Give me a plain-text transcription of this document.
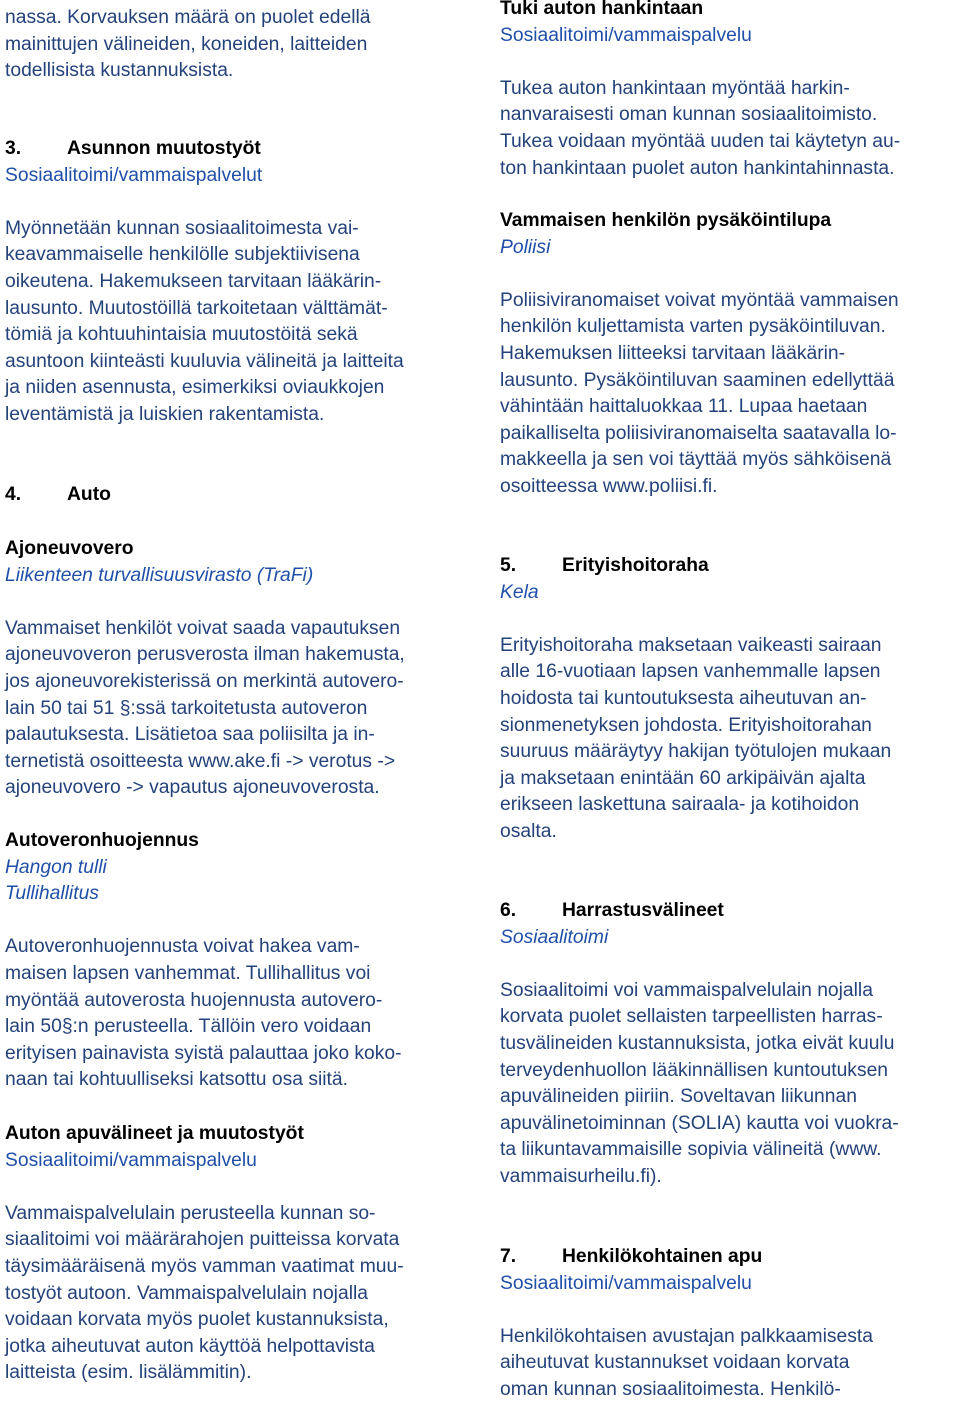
nassa. Korvauksen määrä on puolet edellä
mainittujen välineiden, koneiden, laitteiden
todellisista kustannuksista.
3. Asunnon muutostyöt
Sosiaalitoimi/vammaispalvelut
Myönnetään kunnan sosiaalitoimesta vai-
keavammaiselle henkilölle subjektiivisena
oikeutena. Hakemukseen tarvitaan lääkärin-
lausunto. Muutostöillä tarkoitetaan välttämät-
tömiä ja kohtuuhintaisia muutostöitä sekä
asuntoon kiinteästi kuuluvia välineitä ja laitteita
ja niiden asennusta, esimerkiksi oviaukkojen
leventämistä ja luiskien rakentamista.
4. Auto
Ajoneuvovero
Liikenteen turvallisuusvirasto (TraFi)
Vammaiset henkilöt voivat saada vapautuksen
ajoneuvoveron perusverosta ilman hakemusta,
jos ajoneuvorekisterissä on merkintä autovero-
lain 50 tai 51 §:ssä tarkoitetusta autoveron
palautuksesta. Lisätietoa saa poliisilta ja in-
ternetistä osoitteesta www.ake.fi -> verotus ->
ajoneuvovero -> vapautus ajoneuvoverosta.
Autoveronhuojennus
Hangon tulli
Tullihallitus
Autoveronhuojennusta voivat hakea vam-
maisen lapsen vanhemmat. Tullihallitus voi
myöntää autoverosta huojennusta autovero-
lain 50§:n perusteella. Tällöin vero voidaan
erityisen painavista syistä palauttaa joko koko-
naan tai kohtuulliseksi katsottu osa siitä.
Auton apuvälineet ja muutostyöt
Sosiaalitoimi/vammaispalvelu
Vammaispalvelulain perusteella kunnan so-
siaalitoimi voi määrärahojen puitteissa korvata
täysimääräisenä myös vamman vaatimat muu-
tostyöt autoon. Vammaispalvelulain nojalla
voidaan korvata myös puolet kustannuksista,
jotka aiheutuvat auton käyttöä helpottavista
laitteista (esim. lisälämmitin).
Tuki auton hankintaan
Sosiaalitoimi/vammaispalvelu
Tukea auton hankintaan myöntää harkin-
nanvaraisesti oman kunnan sosiaalitoimisto.
Tukea voidaan myöntää uuden tai käytetyn au-
ton hankintaan puolet auton hankintahinnasta.
Vammaisen henkilön pysäköintilupa
Poliisi
Poliisiviranomaiset voivat myöntää vammaisen
henkilön kuljettamista varten pysäköintiluvan.
Hakemuksen liitteeksi tarvitaan lääkärin-
lausunto. Pysäköintiluvan saaminen edellyttää
vähintään haittaluokkaa 11. Lupaa haetaan
paikalliselta poliisiviranomaiselta saatavalla lo-
makkeella ja sen voi täyttää myös sähköisenä
osoitteessa www.poliisi.fi.
5. Erityishoitoraha
Kela
Erityishoitoraha maksetaan vaikeasti sairaan
alle 16-vuotiaan lapsen vanhemmalle lapsen
hoidosta tai kuntoutuksesta aiheutuvan an-
sionmenetyksen johdosta. Erityishoitorahan
suuruus määräytyy hakijan työtulojen mukaan
ja maksetaan enintään 60 arkipäivän ajalta
erikseen laskettuna sairaala- ja kotihoidon
osalta.
6. Harrastusvälineet
Sosiaalitoimi
Sosiaalitoimi voi vammaispalvelulain nojalla
korvata puolet sellaisten tarpeellisten harras-
tusvälineiden kustannuksista, jotka eivät kuulu
terveydenhuollon lääkinnällisen kuntoutuksen
apuvälineiden piiriin. Soveltavan liikunnan
apuvälinetoiminnan (SOLIA) kautta voi vuokra-
ta liikuntavammaisille sopivia välineitä (www.
vammaisurheilu.fi).
7. Henkilökohtainen apu
Sosiaalitoimi/vammaispalvelu
Henkilökohtaisen avustajan palkkaamisesta
aiheutuvat kustannukset voidaan korvata
oman kunnan sosiaalitoimesta. Henkilö-
